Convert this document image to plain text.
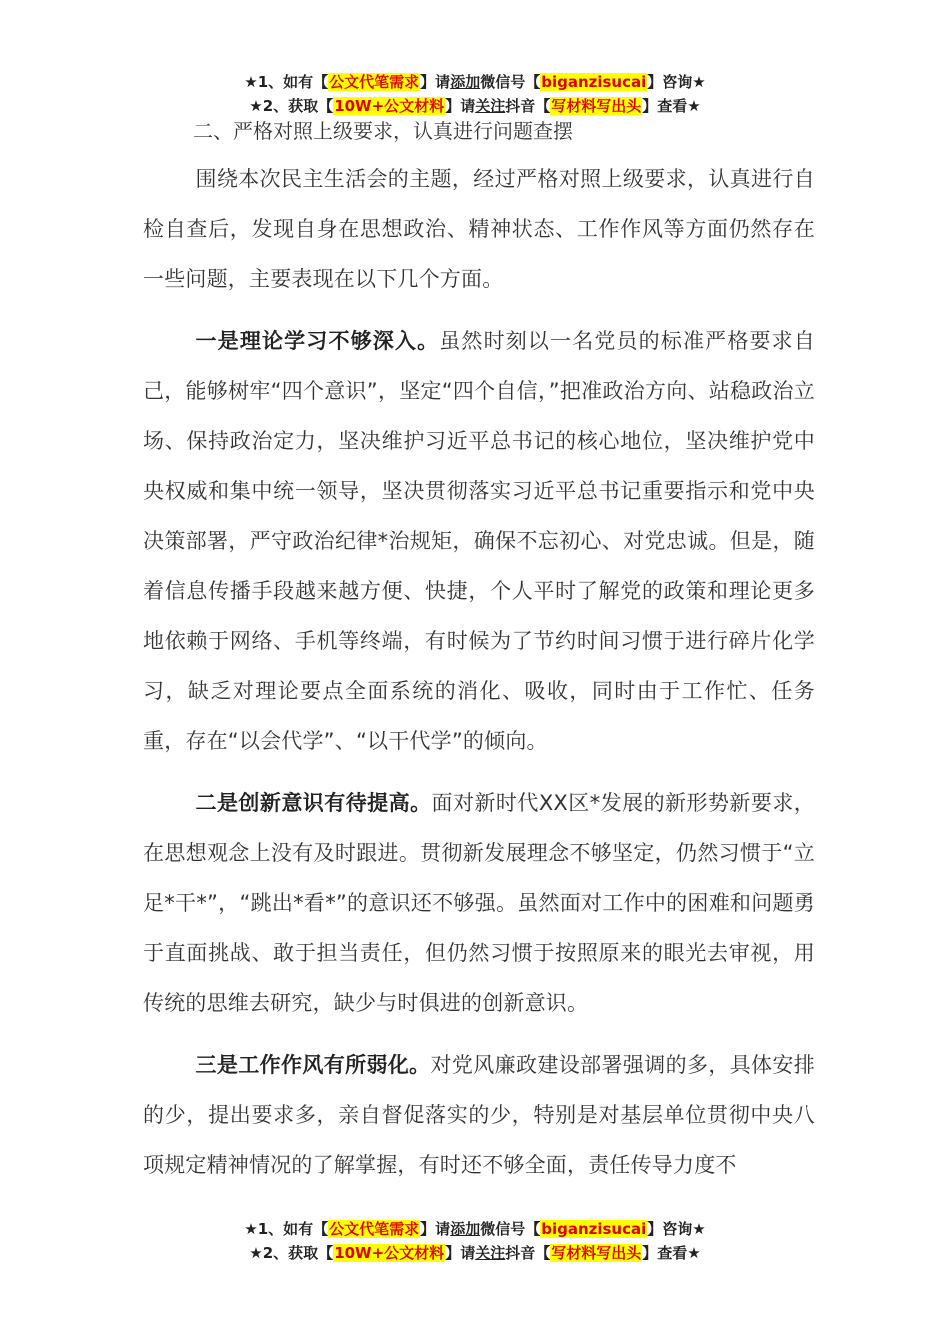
★1、如有【公文代笔需求】请添加微信号【biganzisucai】咨询★
★2、获取【10W+公文材料】请关注抖音【写材料写出头】查看★

二、严格对照上级要求，认真进行问题查摆

围绕本次民主生活会的主题，经过严格对照上级要求，认真进行自检自查后，发现自身在思想政治、精神状态、工作作风等方面仍然存在一些问题，主要表现在以下几个方面。

一是理论学习不够深入。虽然时刻以一名党员的标准严格要求自己，能够树牢“四个意识”，坚定“四个自信，”把准政治方向、站稳政治立场、保持政治定力，坚决维护习近平总书记的核心地位，坚决维护党中央权威和集中统一领导，坚决贯彻落实习近平总书记重要指示和党中央决策部署，严守政治纪律*治规矩，确保不忘初心、对党忠诚。但是，随着信息传播手段越来越方便、快捷，个人平时了解党的政策和理论更多地依赖于网络、手机等终端，有时候为了节约时间习惯于进行碎片化学习，缺乏对理论要点全面系统的消化、吸收，同时由于工作忙、任务重，存在“以会代学”、“以干代学”的倾向。

二是创新意识有待提高。面对新时代XX区*发展的新形势新要求，在思想观念上没有及时跟进。贯彻新发展理念不够坚定，仍然习惯于“立足*干*”，“跳出*看*”的意识还不够强。虽然面对工作中的困难和问题勇于直面挑战、敢于担当责任，但仍然习惯于按照原来的眼光去审视，用传统的思维去研究，缺少与时俱进的创新意识。

三是工作作风有所弱化。对党风廉政建设部署强调的多，具体安排的少，提出要求多，亲自督促落实的少，特别是对基层单位贯彻中央八项规定精神情况的了解掌握，有时还不够全面，责任传导力度不

★1、如有【公文代笔需求】请添加微信号【biganzisucai】咨询★
★2、获取【10W+公文材料】请关注抖音【写材料写出头】查看★
